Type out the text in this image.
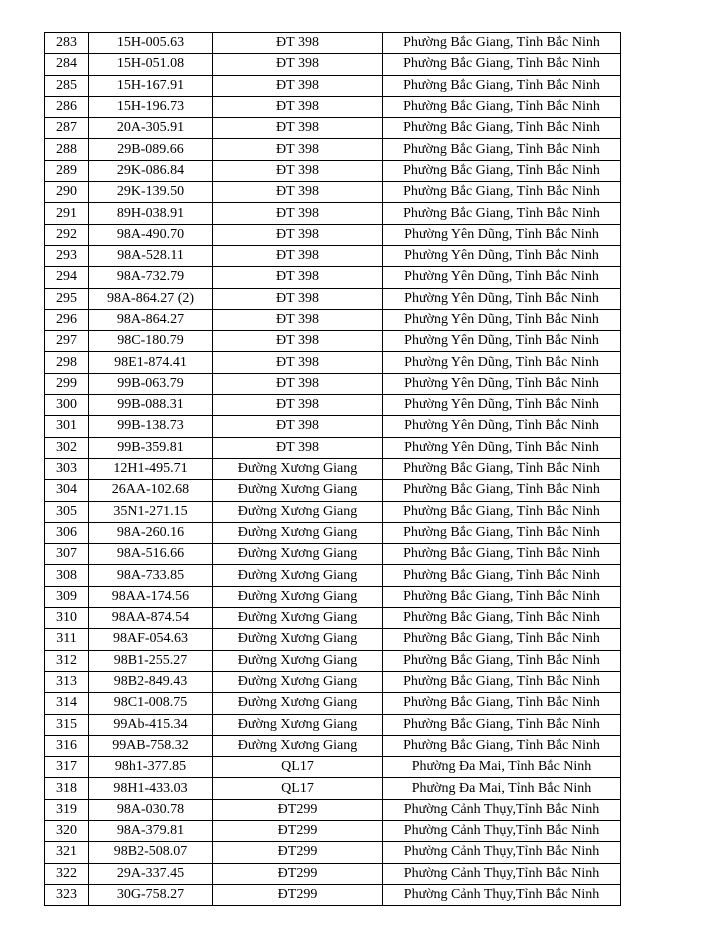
283	15H-005.63	ĐT 398	Phường Bắc Giang, Tỉnh Bắc Ninh
284	15H-051.08	ĐT 398	Phường Bắc Giang, Tỉnh Bắc Ninh
285	15H-167.91	ĐT 398	Phường Bắc Giang, Tỉnh Bắc Ninh
286	15H-196.73	ĐT 398	Phường Bắc Giang, Tỉnh Bắc Ninh
287	20A-305.91	ĐT 398	Phường Bắc Giang, Tỉnh Bắc Ninh
288	29B-089.66	ĐT 398	Phường Bắc Giang, Tỉnh Bắc Ninh
289	29K-086.84	ĐT 398	Phường Bắc Giang, Tỉnh Bắc Ninh
290	29K-139.50	ĐT 398	Phường Bắc Giang, Tỉnh Bắc Ninh
291	89H-038.91	ĐT 398	Phường Bắc Giang, Tỉnh Bắc Ninh
292	98A-490.70	ĐT 398	Phường Yên Dũng, Tỉnh Bắc Ninh
293	98A-528.11	ĐT 398	Phường Yên Dũng, Tỉnh Bắc Ninh
294	98A-732.79	ĐT 398	Phường Yên Dũng, Tỉnh Bắc Ninh
295	98A-864.27 (2)	ĐT 398	Phường Yên Dũng, Tỉnh Bắc Ninh
296	98A-864.27	ĐT 398	Phường Yên Dũng, Tỉnh Bắc Ninh
297	98C-180.79	ĐT 398	Phường Yên Dũng, Tỉnh Bắc Ninh
298	98E1-874.41	ĐT 398	Phường Yên Dũng, Tỉnh Bắc Ninh
299	99B-063.79	ĐT 398	Phường Yên Dũng, Tỉnh Bắc Ninh
300	99B-088.31	ĐT 398	Phường Yên Dũng, Tỉnh Bắc Ninh
301	99B-138.73	ĐT 398	Phường Yên Dũng, Tỉnh Bắc Ninh
302	99B-359.81	ĐT 398	Phường Yên Dũng, Tỉnh Bắc Ninh
303	12H1-495.71	Đường Xương Giang	Phường Bắc Giang, Tỉnh Bắc Ninh
304	26AA-102.68	Đường Xương Giang	Phường Bắc Giang, Tỉnh Bắc Ninh
305	35N1-271.15	Đường Xương Giang	Phường Bắc Giang, Tỉnh Bắc Ninh
306	98A-260.16	Đường Xương Giang	Phường Bắc Giang, Tỉnh Bắc Ninh
307	98A-516.66	Đường Xương Giang	Phường Bắc Giang, Tỉnh Bắc Ninh
308	98A-733.85	Đường Xương Giang	Phường Bắc Giang, Tỉnh Bắc Ninh
309	98AA-174.56	Đường Xương Giang	Phường Bắc Giang, Tỉnh Bắc Ninh
310	98AA-874.54	Đường Xương Giang	Phường Bắc Giang, Tỉnh Bắc Ninh
311	98AF-054.63	Đường Xương Giang	Phường Bắc Giang, Tỉnh Bắc Ninh
312	98B1-255.27	Đường Xương Giang	Phường Bắc Giang, Tỉnh Bắc Ninh
313	98B2-849.43	Đường Xương Giang	Phường Bắc Giang, Tỉnh Bắc Ninh
314	98C1-008.75	Đường Xương Giang	Phường Bắc Giang, Tỉnh Bắc Ninh
315	99Ab-415.34	Đường Xương Giang	Phường Bắc Giang, Tỉnh Bắc Ninh
316	99AB-758.32	Đường Xương Giang	Phường Bắc Giang, Tỉnh Bắc Ninh
317	98h1-377.85	QL17	Phường Đa Mai, Tỉnh Bắc Ninh
318	98H1-433.03	QL17	Phường Đa Mai, Tỉnh Bắc Ninh
319	98A-030.78	ĐT299	Phường Cảnh Thụy,Tỉnh Bắc Ninh
320	98A-379.81	ĐT299	Phường Cảnh Thụy,Tỉnh Bắc Ninh
321	98B2-508.07	ĐT299	Phường Cảnh Thụy,Tỉnh Bắc Ninh
322	29A-337.45	ĐT299	Phường Cảnh Thụy,Tỉnh Bắc Ninh
323	30G-758.27	ĐT299	Phường Cảnh Thụy,Tỉnh Bắc Ninh
